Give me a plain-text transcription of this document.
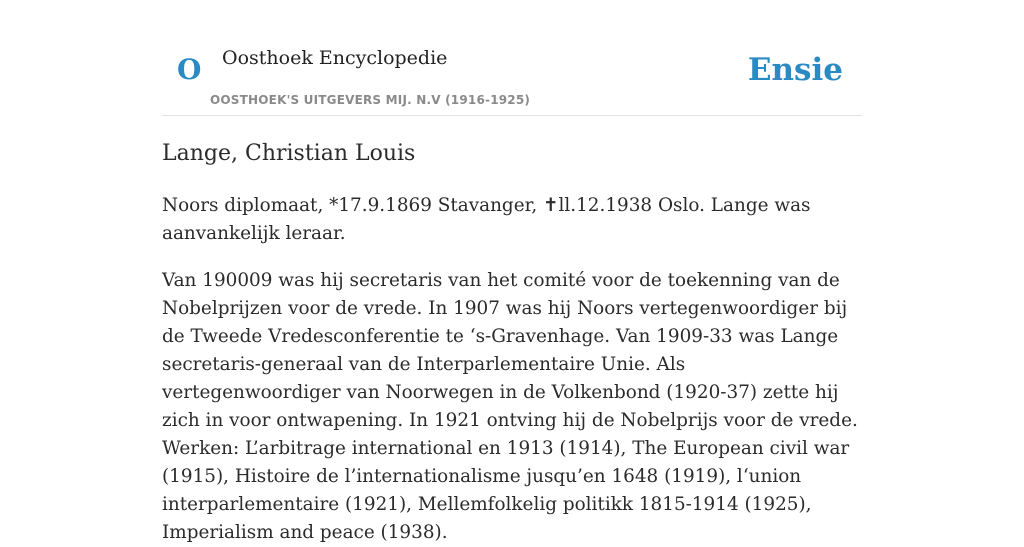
O Oosthoek Encyclopedie
OOSTHOEK'S UITGEVERS MIJ. N.V (1916-1925)
Ensie
Lange, Christian Louis

Noors diplomaat, *17.9.1869 Stavanger, ✝ll.12.1938 Oslo. Lange was aanvankelijk leraar.

Van 190009 was hij secretaris van het comité voor de toekenning van de Nobelprijzen voor de vrede. In 1907 was hij Noors vertegenwoordiger bij de Tweede Vredesconferentie te ‘s-Gravenhage. Van 1909-33 was Lange secretaris-generaal van de Interparlementaire Unie. Als vertegenwoordiger van Noorwegen in de Volkenbond (1920-37) zette hij zich in voor ontwapening. In 1921 ontving hij de Nobelprijs voor de vrede. Werken: L’arbitrage international en 1913 (1914), The European civil war (1915), Histoire de l’internationalisme jusqu’en 1648 (1919), l‘union interparlementaire (1921), Mellemfolkelig politikk 1815-1914 (1925), Imperialism and peace (1938).
